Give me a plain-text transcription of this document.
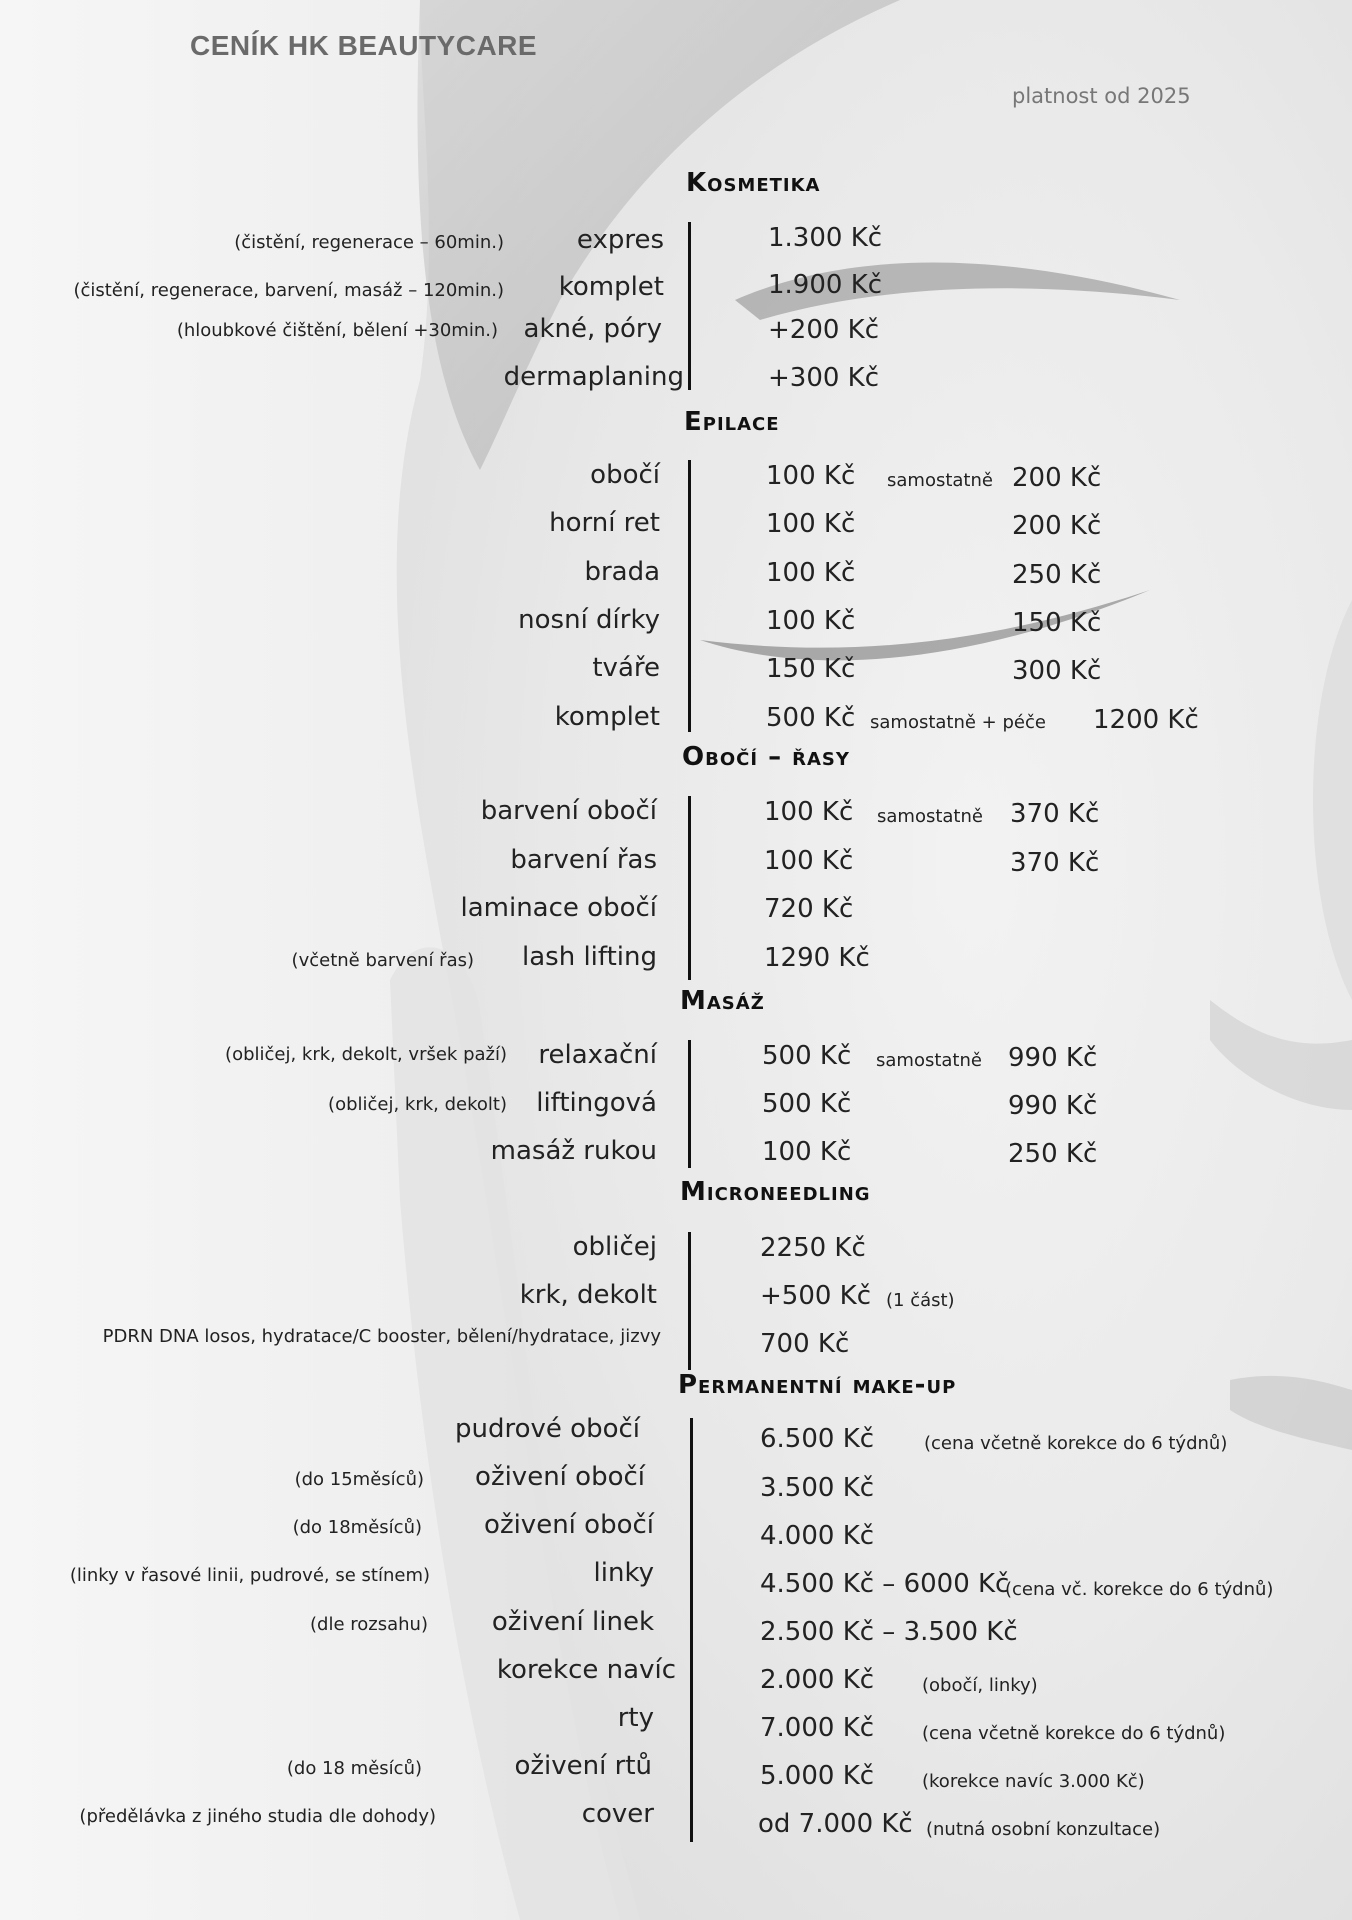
CENÍK HK BEAUTYCARE
platnost od 2025
Kosmetika
(čistění, regenerace – 60min.)	expres	1.300 Kč
(čistění, regenerace, barvení, masáž – 120min.) komplet	1.900 Kč
(hloubkové čištění, bělení +30min.) akné, póry	+200 Kč
dermaplaning	+300 Kč
Epilace
obočí	100 Kč samostatně 200 Kč
horní ret	100 Kč	200 Kč
brada	100 Kč	250 Kč
nosní dírky	100 Kč	150 Kč
tváře	150 Kč	300 Kč
komplet	500 Kč samostatně + péče 1200 Kč
Obočí – řasy
barvení obočí	100 Kč samostatně 370 Kč
barvení řas	100 Kč	370 Kč
laminace obočí	720 Kč
(včetně barvení řas) lash lifting	1290 Kč
Masáž
(obličej, krk, dekolt, vršek paží) relaxační	500 Kč samostatně 990 Kč
(obličej, krk, dekolt) liftingová	500 Kč	990 Kč
masáž rukou	100 Kč	250 Kč
Microneedling
obličej	2250 Kč
krk, dekolt	+500 Kč (1 část)
PDRN DNA losos, hydratace/C booster, bělení/hydratace, jizvy	700 Kč
Permanentní make-up
pudrové obočí	6.500 Kč	(cena včetně korekce do 6 týdnů)
(do 15měsíců) oživení obočí	3.500 Kč
(do 18měsíců) oživení obočí	4.000 Kč
(linky v řasové linii, pudrové, se stínem)	linky	4.500 Kč – 6000 Kč
(cena vč. korekce do 6 týdnů)
(dle rozsahu) oživení linek	2.500 Kč – 3.500 Kč
korekce navíc	2.000 Kč	(obočí, linky)
rty	7.000 Kč	(cena včetně korekce do 6 týdnů)
(do 18 měsíců)	oživení rtů	5.000 Kč	(korekce navíc 3.000 Kč)
(předělávka z jiného studia dle dohody)	cover	od 7.000 Kč (nutná osobní konzultace)
